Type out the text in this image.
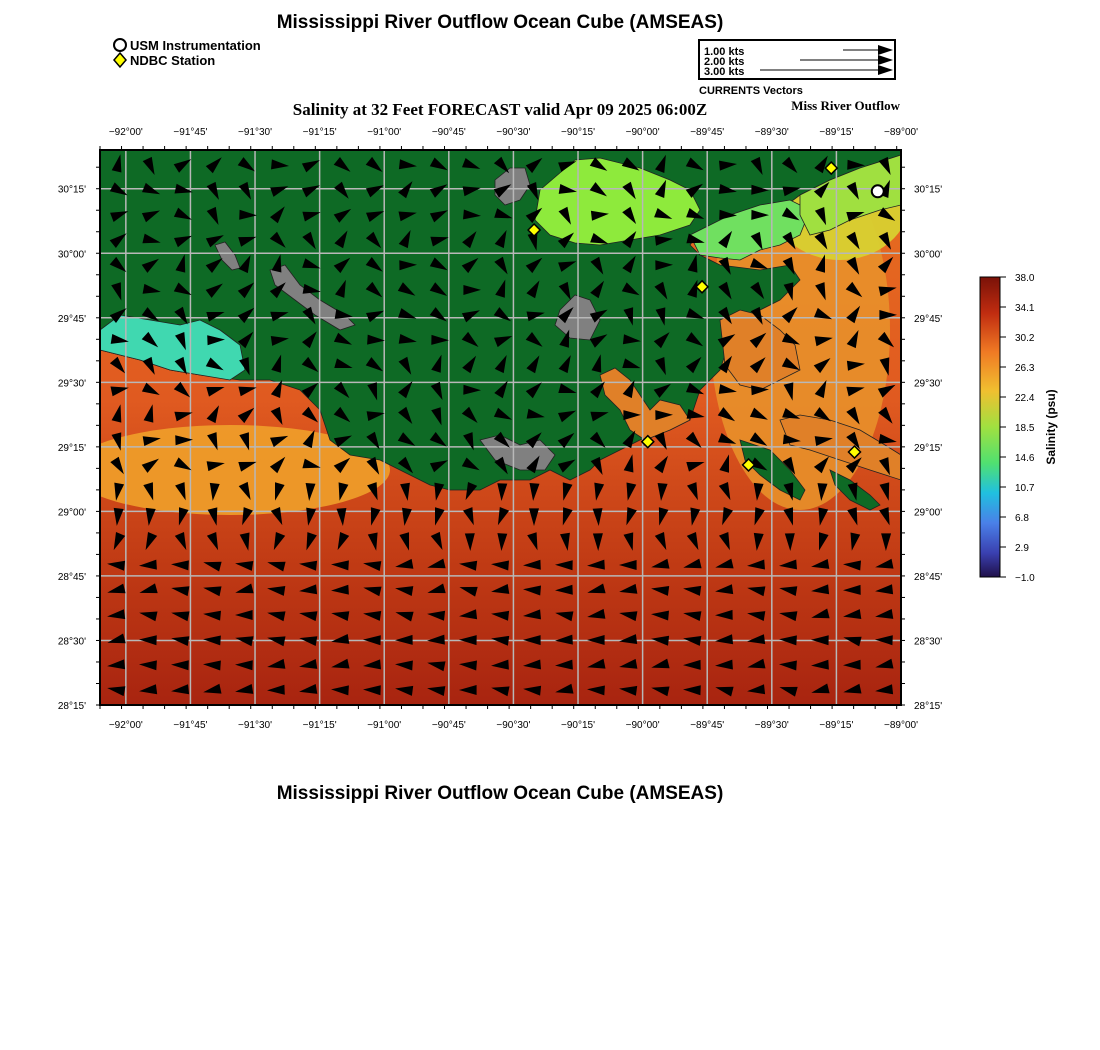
Mississippi River Outflow Ocean Cube (AMSEAS)
Mississippi River Outflow Ocean Cube (AMSEAS)
USM Instrumentation
NDBC Station
1.00 kts
2.00 kts
3.00 kts
CURRENTS Vectors
Salinity at 32 Feet FORECAST valid Apr 09 2025 06:00Z	Miss River Outflow
−92°00'	−91°45'	−91°30'	−91°15'	−91°00'	−90°45'	−90°30'	−90°15'	−90°00'	−89°45'	−89°30'	−89°15'	−89°00'
−92°00'	−91°45'	−91°30'	−91°15'	−91°00'	−90°45'	−90°30'	−90°15'	−90°00'	−89°45'	−89°30'	−89°15'	−89°00'
30°15'
30°00'
29°45'
29°30'
29°15'
29°00'
28°45'
28°30'
28°15'
30°15'
30°00'
29°45'
29°30'
29°15'
29°00'
28°45'
28°30'
28°15'
38.0
34.1
30.2
26.3
22.4
18.5
14.6
10.7
6.8
2.9
−1.0
Salinity (psu)
